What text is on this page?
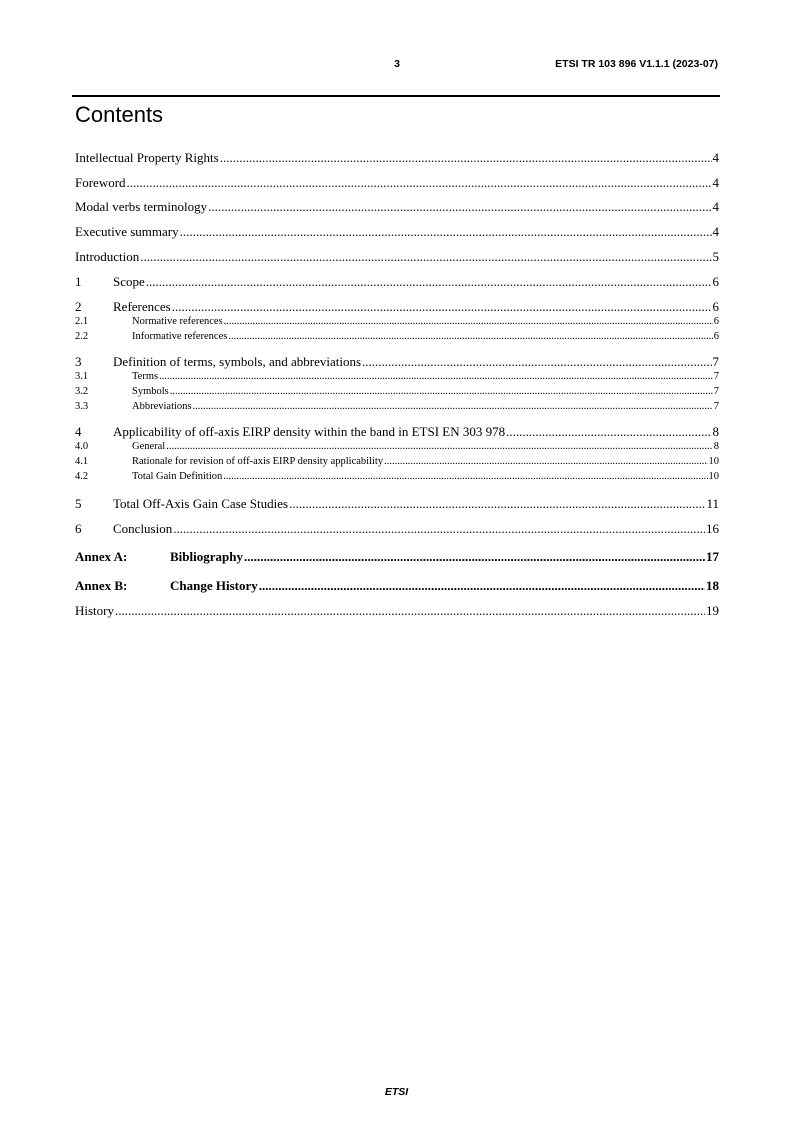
3	ETSI TR 103 896 V1.1.1 (2023-07)
Contents
Intellectual Property Rights .....	4
Foreword .....	4
Modal verbs terminology .....	4
Executive summary .....	4
Introduction .....	5
1	Scope .....	6
2	References .....	6
2.1	Normative references .....	6
2.2	Informative references .....	6
3	Definition of terms, symbols, and abbreviations .....	7
3.1	Terms .....	7
3.2	Symbols .....	7
3.3	Abbreviations .....	7
4	Applicability of off-axis EIRP density within the band in ETSI EN 303 978 .....	8
4.0	General .....	8
4.1	Rationale for revision of off-axis EIRP density applicability .....	10
4.2	Total Gain Definition .....	10
5	Total Off-Axis Gain Case Studies .....	11
6	Conclusion .....	16
Annex A:	Bibliography .....	17
Annex B:	Change History .....	18
History .....	19
ETSI
